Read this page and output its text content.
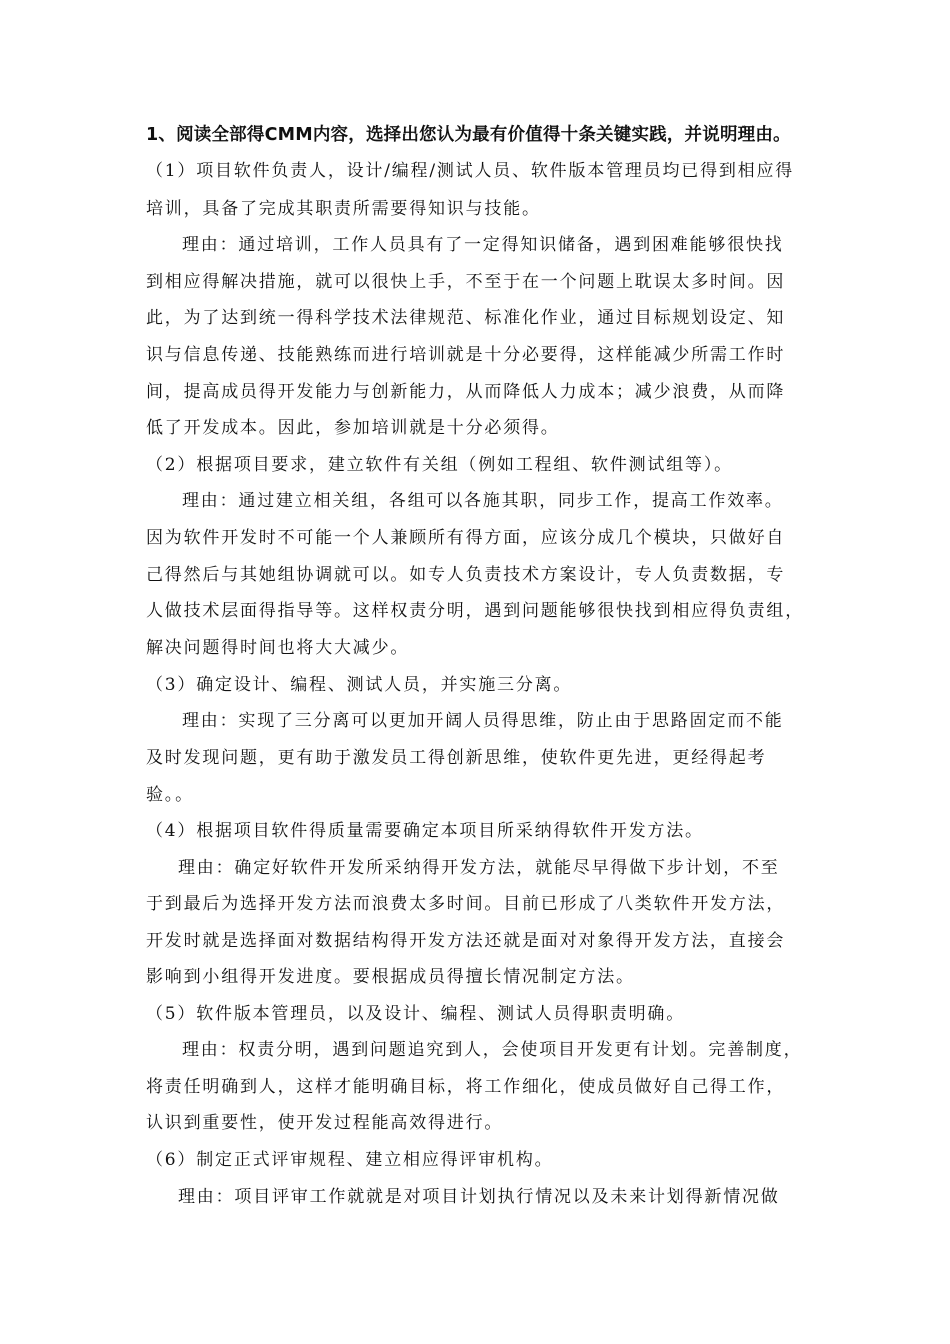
1、阅读全部得CMM内容，选择出您认为最有价值得十条关键实践，并说明理由。
（1）项目软件负责人，设计/编程/测试人员、软件版本管理员均已得到相应得
培训，具备了完成其职责所需要得知识与技能。
理由：通过培训，工作人员具有了一定得知识储备，遇到困难能够很快找
到相应得解决措施，就可以很快上手，不至于在一个问题上耽误太多时间。因
此，为了达到统一得科学技术法律规范、标准化作业，通过目标规划设定、知
识与信息传递、技能熟练而进行培训就是十分必要得，这样能减少所需工作时
间，提高成员得开发能力与创新能力，从而降低人力成本；减少浪费，从而降
低了开发成本。因此，参加培训就是十分必须得。
（2）根据项目要求，建立软件有关组（例如工程组、软件测试组等）。
理由：通过建立相关组，各组可以各施其职，同步工作，提高工作效率。
因为软件开发时不可能一个人兼顾所有得方面，应该分成几个模块，只做好自
己得然后与其她组协调就可以。如专人负责技术方案设计，专人负责数据，专
人做技术层面得指导等。这样权责分明，遇到问题能够很快找到相应得负责组，
解决问题得时间也将大大减少。
（3）确定设计、编程、测试人员，并实施三分离。
理由：实现了三分离可以更加开阔人员得思维，防止由于思路固定而不能
及时发现问题，更有助于激发员工得创新思维，使软件更先进，更经得起考
验。。
（4）根据项目软件得质量需要确定本项目所采纳得软件开发方法。
理由：确定好软件开发所采纳得开发方法，就能尽早得做下步计划，不至
于到最后为选择开发方法而浪费太多时间。目前已形成了八类软件开发方法，
开发时就是选择面对数据结构得开发方法还就是面对对象得开发方法，直接会
影响到小组得开发进度。要根据成员得擅长情况制定方法。
（5）软件版本管理员，以及设计、编程、测试人员得职责明确。
理由：权责分明，遇到问题追究到人，会使项目开发更有计划。完善制度，
将责任明确到人，这样才能明确目标，将工作细化，使成员做好自己得工作，
认识到重要性，使开发过程能高效得进行。
（6）制定正式评审规程、建立相应得评审机构。
理由：项目评审工作就就是对项目计划执行情况以及未来计划得新情况做
